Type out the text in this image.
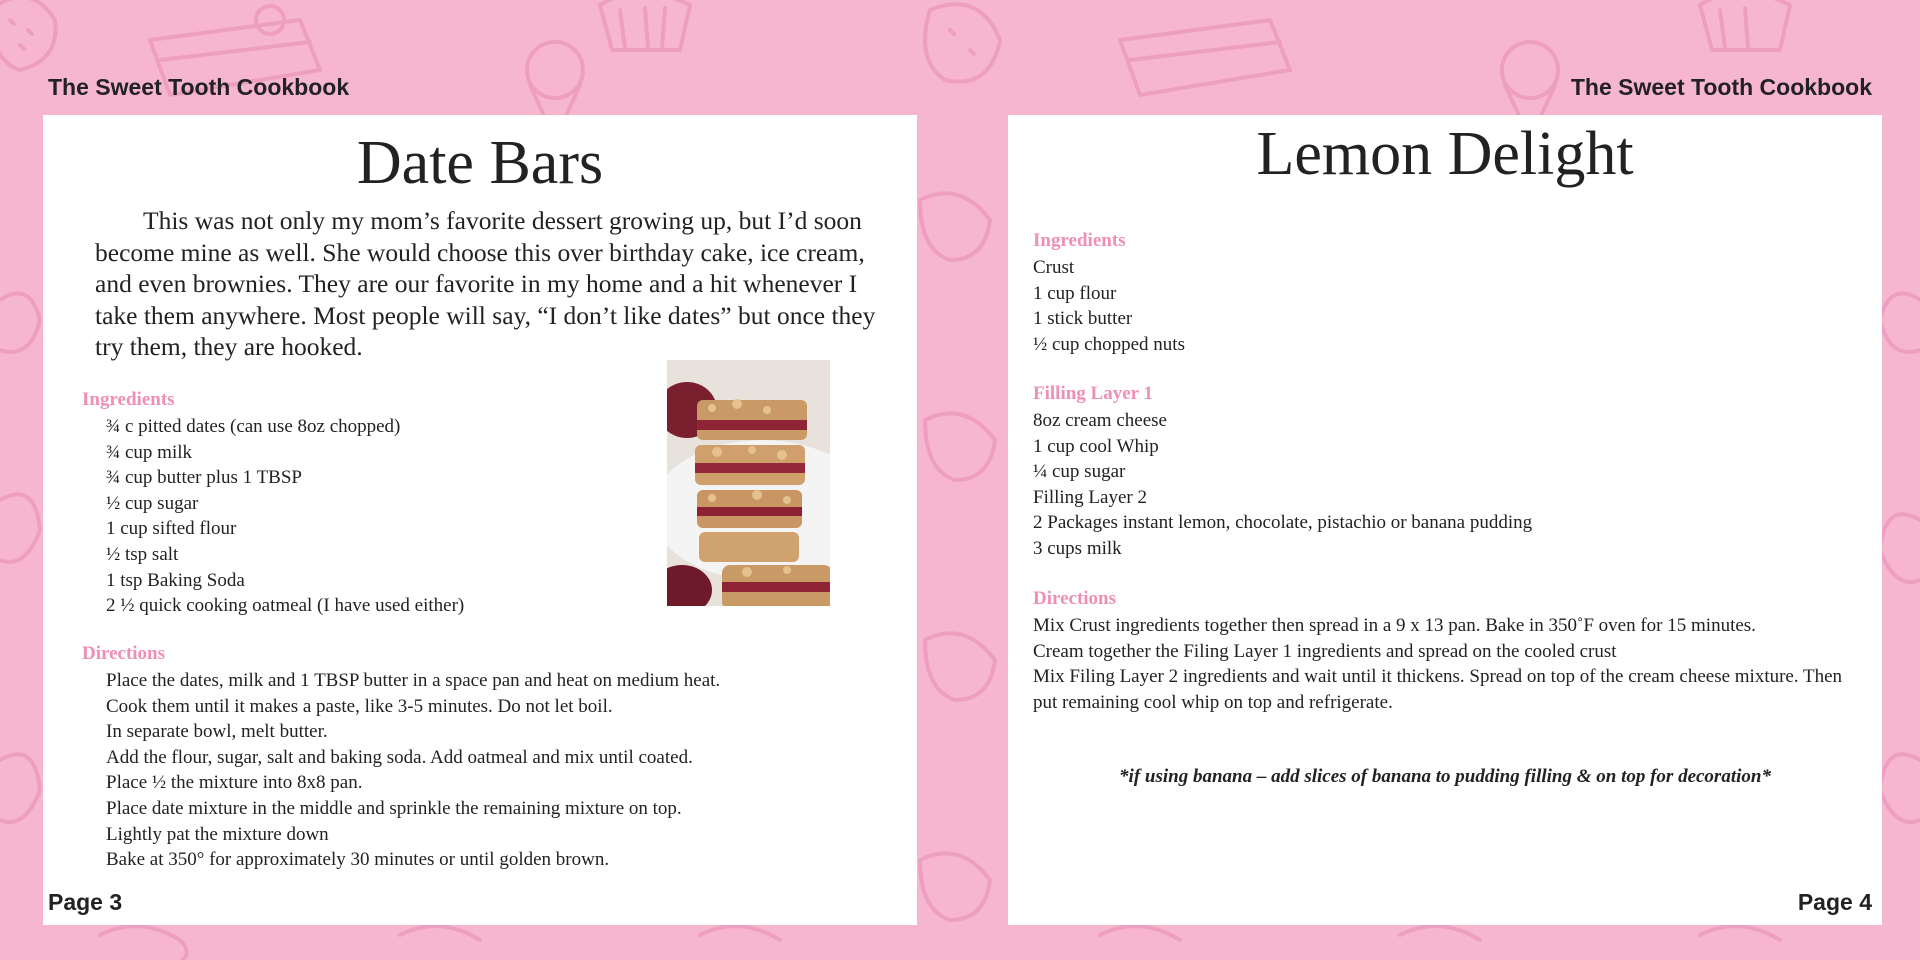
The Sweet Tooth Cookbook
Date Bars

This was not only my mom’s favorite dessert growing up, but I’d soon become mine as well. She would choose this over birthday cake, ice cream, and even brownies. They are our favorite in my home and a hit whenever I take them anywhere. Most people will say, “I don’t like dates” but once they try them, they are hooked.

Ingredients
¾ c pitted dates (can use 8oz chopped)
¾ cup milk
¾ cup butter plus 1 TBSP
½ cup sugar
1 cup sifted flour
½ tsp salt
1 tsp Baking Soda
2 ½ quick cooking oatmeal (I have used either)
Directions
Place the dates, milk and 1 TBSP butter in a space pan and heat on medium heat.
Cook them until it makes a paste, like 3-5 minutes. Do not let boil.
In separate bowl, melt butter.
Add the flour, sugar, salt and baking soda. Add oatmeal and mix until coated.
Place ½ the mixture into 8x8 pan.
Place date mixture in the middle and sprinkle the remaining mixture on top.
Lightly pat the mixture down
Bake at 350° for approximately 30 minutes or until golden brown.
Page 3
The Sweet Tooth Cookbook
Lemon Delight
Ingredients
Crust
1 cup flour
1 stick butter
½ cup chopped nuts
Filling Layer 1
8oz cream cheese
1 cup cool Whip
¼ cup sugar
Filling Layer 2
2 Packages instant lemon, chocolate, pistachio or banana pudding
3 cups milk
Directions
Mix Crust ingredients together then spread in a 9 x 13 pan. Bake in 350˚F oven for 15 minutes.
Cream together the Filing Layer 1 ingredients and spread on the cooled crust
Mix Filing Layer 2 ingredients and wait until it thickens. Spread on top of the cream cheese mixture. Then put remaining cool whip on top and refrigerate.
*if using banana – add slices of banana to pudding filling & on top for decoration*
Page 4
